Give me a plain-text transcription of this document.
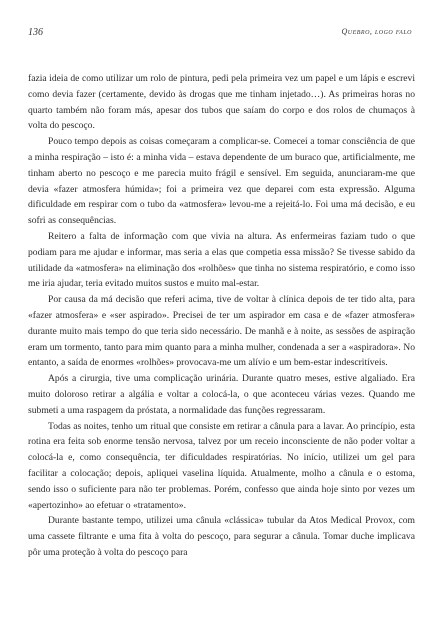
136	Quebro, logo falo

fazia ideia de como utilizar um rolo de pintura, pedi pela primeira vez um papel e um lápis e escrevi como devia fazer (certamente, devido às drogas que me tinham injetado…). As primeiras horas no quarto também não foram más, apesar dos tubos que saíam do corpo e dos rolos de chumaços à volta do pescoço.

Pouco tempo depois as coisas começaram a complicar-se. Comecei a tomar consciência de que a minha respiração – isto é: a minha vida – estava dependente de um buraco que, artificialmente, me tinham aberto no pescoço e me parecia muito frágil e sensível. Em seguida, anunciaram-me que devia «fazer atmosfera húmida»; foi a primeira vez que deparei com esta expressão. Alguma dificuldade em respirar com o tubo da «atmosfera» levou-me a rejeitá-lo. Foi uma má decisão, e eu sofri as consequências.

Reitero a falta de informação com que vivia na altura. As enfermeiras faziam tudo o que podiam para me ajudar e informar, mas seria a elas que competia essa missão? Se tivesse sabido da utilidade da «atmosfera» na eliminação dos «rolhões» que tinha no sistema respiratório, e como isso me iria ajudar, teria evitado muitos sustos e muito mal-estar.

Por causa da má decisão que referi acima, tive de voltar à clínica depois de ter tido alta, para «fazer atmosfera» e «ser aspirado». Precisei de ter um aspirador em casa e de «fazer atmosfera» durante muito mais tempo do que teria sido necessário. De manhã e à noite, as sessões de aspiração eram um tormento, tanto para mim quanto para a minha mulher, condenada a ser a «aspiradora». No entanto, a saída de enormes «rolhões» provocava-me um alívio e um bem-estar indescritíveis.

Após a cirurgia, tive uma complicação urinária. Durante quatro meses, estive algaliado. Era muito doloroso retirar a algália e voltar a colocá-la, o que aconteceu várias vezes. Quando me submeti a uma raspagem da próstata, a normalidade das funções regressaram.

Todas as noites, tenho um ritual que consiste em retirar a cânula para a lavar. Ao princípio, esta rotina era feita sob enorme tensão nervosa, talvez por um receio inconsciente de não poder voltar a colocá-la e, como consequência, ter dificuldades respiratórias. No início, utilizei um gel para facilitar a colocação; depois, apliquei vaselina líquida. Atualmente, molho a cânula e o estoma, sendo isso o suficiente para não ter problemas. Porém, confesso que ainda hoje sinto por vezes um «apertozinho» ao efetuar o «tratamento».

Durante bastante tempo, utilizei uma cânula «clássica» tubular da Atos Medical Provox, com uma cassete filtrante e uma fita à volta do pescoço, para segurar a cânula. Tomar duche implicava pôr uma proteção à volta do pescoço para
